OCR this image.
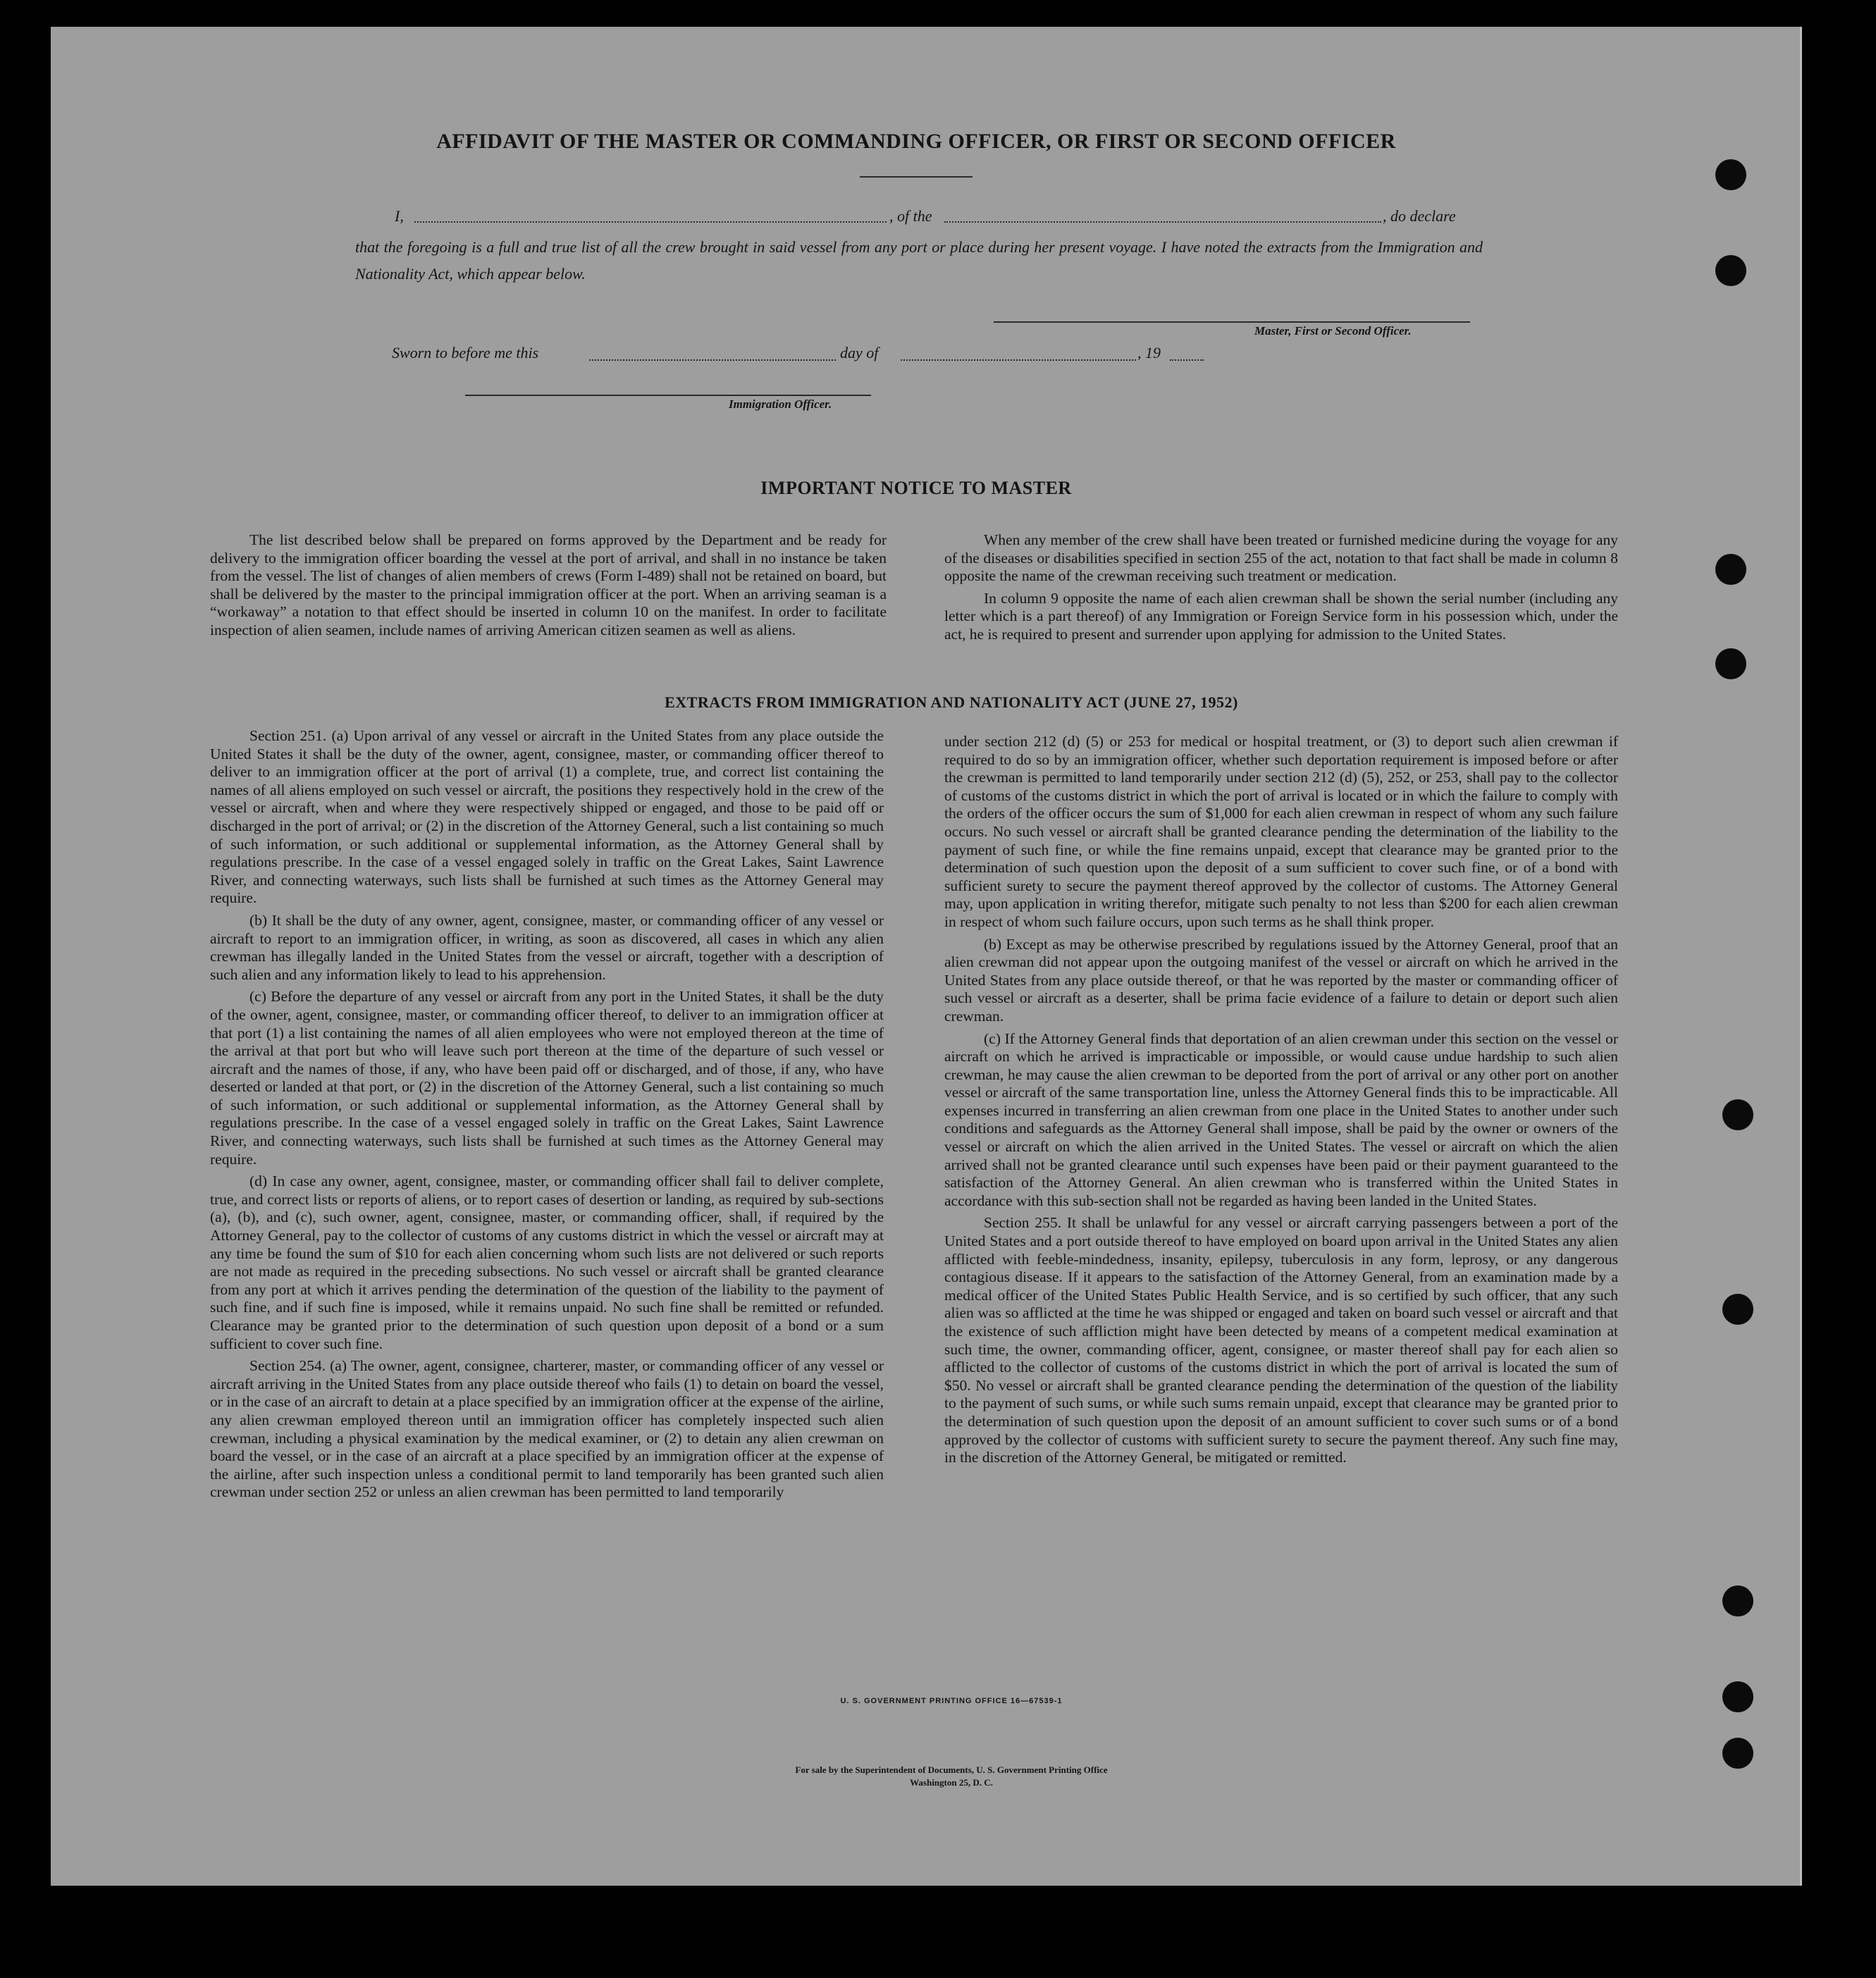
AFFIDAVIT OF THE MASTER OR COMMANDING OFFICER, OR FIRST OR SECOND OFFICER
I,	, of the	, do declare
that the foregoing is a full and true list of all the crew brought in said vessel from any port or place during her present voyage. I have noted the extracts from the Immigration and Nationality Act, which appear below.
Master, First or Second Officer.
Sworn to before me this	day of	, 19
Immigration Officer.
IMPORTANT NOTICE TO MASTER

The list described below shall be prepared on forms approved by the Department and be ready for delivery to the immigration officer boarding the vessel at the port of arrival, and shall in no instance be taken from the vessel. The list of changes of alien members of crews (Form I-489) shall not be retained on board, but shall be delivered by the master to the principal immigration officer at the port. When an arriving seaman is a “workaway” a notation to that effect should be inserted in column 10 on the manifest. In order to facilitate inspection of alien seamen, include names of arriving American citizen seamen as well as aliens.

When any member of the crew shall have been treated or furnished medicine during the voyage for any of the diseases or disabilities specified in section 255 of the act, notation to that fact shall be made in column 8 opposite the name of the crewman receiving such treatment or medication.

In column 9 opposite the name of each alien crewman shall be shown the serial number (including any letter which is a part thereof) of any Immigration or Foreign Service form in his possession which, under the act, he is required to present and surrender upon applying for admission to the United States.

EXTRACTS FROM IMMIGRATION AND NATIONALITY ACT (JUNE 27, 1952)

Section 251. (a) Upon arrival of any vessel or aircraft in the United States from any place outside the United States it shall be the duty of the owner, agent, consignee, master, or commanding officer thereof to deliver to an immigration officer at the port of arrival (1) a complete, true, and correct list containing the names of all aliens employed on such vessel or aircraft, the positions they respectively hold in the crew of the vessel or aircraft, when and where they were respectively shipped or engaged, and those to be paid off or discharged in the port of arrival; or (2) in the discretion of the Attorney General, such a list containing so much of such information, or such additional or supplemental information, as the Attorney General shall by regulations prescribe. In the case of a vessel engaged solely in traffic on the Great Lakes, Saint Lawrence River, and connecting waterways, such lists shall be furnished at such times as the Attorney General may require.

(b) It shall be the duty of any owner, agent, consignee, master, or commanding officer of any vessel or aircraft to report to an immigration officer, in writing, as soon as discovered, all cases in which any alien crewman has illegally landed in the United States from the vessel or aircraft, together with a description of such alien and any information likely to lead to his apprehension.

(c) Before the departure of any vessel or aircraft from any port in the United States, it shall be the duty of the owner, agent, consignee, master, or commanding officer thereof, to deliver to an immigration officer at that port (1) a list containing the names of all alien employees who were not employed thereon at the time of the arrival at that port but who will leave such port thereon at the time of the departure of such vessel or aircraft and the names of those, if any, who have been paid off or discharged, and of those, if any, who have deserted or landed at that port, or (2) in the discretion of the Attorney General, such a list containing so much of such information, or such additional or supplemental information, as the Attorney General shall by regulations prescribe. In the case of a vessel engaged solely in traffic on the Great Lakes, Saint Lawrence River, and connecting waterways, such lists shall be furnished at such times as the Attorney General may require.

(d) In case any owner, agent, consignee, master, or commanding officer shall fail to deliver complete, true, and correct lists or reports of aliens, or to report cases of desertion or landing, as required by sub-sections (a), (b), and (c), such owner, agent, consignee, master, or commanding officer, shall, if required by the Attorney General, pay to the collector of customs of any customs district in which the vessel or aircraft may at any time be found the sum of $10 for each alien concerning whom such lists are not delivered or such reports are not made as required in the preceding subsections. No such vessel or aircraft shall be granted clearance from any port at which it arrives pending the determination of the question of the liability to the payment of such fine, and if such fine is imposed, while it remains unpaid. No such fine shall be remitted or refunded. Clearance may be granted prior to the determination of such question upon deposit of a bond or a sum sufficient to cover such fine.

Section 254. (a) The owner, agent, consignee, charterer, master, or commanding officer of any vessel or aircraft arriving in the United States from any place outside thereof who fails (1) to detain on board the vessel, or in the case of an aircraft to detain at a place specified by an immigration officer at the expense of the airline, any alien crewman employed thereon until an immigration officer has completely inspected such alien crewman, including a physical examination by the medical examiner, or (2) to detain any alien crewman on board the vessel, or in the case of an aircraft at a place specified by an immigration officer at the expense of the airline, after such inspection unless a conditional permit to land temporarily has been granted such alien crewman under section 252 or unless an alien crewman has been permitted to land temporarily

under section 212 (d) (5) or 253 for medical or hospital treatment, or (3) to deport such alien crewman if required to do so by an immigration officer, whether such deportation requirement is imposed before or after the crewman is permitted to land temporarily under section 212 (d) (5), 252, or 253, shall pay to the collector of customs of the customs district in which the port of arrival is located or in which the failure to comply with the orders of the officer occurs the sum of $1,000 for each alien crewman in respect of whom any such failure occurs. No such vessel or aircraft shall be granted clearance pending the determination of the liability to the payment of such fine, or while the fine remains unpaid, except that clearance may be granted prior to the determination of such question upon the deposit of a sum sufficient to cover such fine, or of a bond with sufficient surety to secure the payment thereof approved by the collector of customs. The Attorney General may, upon application in writing therefor, mitigate such penalty to not less than $200 for each alien crewman in respect of whom such failure occurs, upon such terms as he shall think proper.

(b) Except as may be otherwise prescribed by regulations issued by the Attorney General, proof that an alien crewman did not appear upon the outgoing manifest of the vessel or aircraft on which he arrived in the United States from any place outside thereof, or that he was reported by the master or commanding officer of such vessel or aircraft as a deserter, shall be prima facie evidence of a failure to detain or deport such alien crewman.

(c) If the Attorney General finds that deportation of an alien crewman under this section on the vessel or aircraft on which he arrived is impracticable or impossible, or would cause undue hardship to such alien crewman, he may cause the alien crewman to be deported from the port of arrival or any other port on another vessel or aircraft of the same transportation line, unless the Attorney General finds this to be impracticable. All expenses incurred in transferring an alien crewman from one place in the United States to another under such conditions and safeguards as the Attorney General shall impose, shall be paid by the owner or owners of the vessel or aircraft on which the alien arrived in the United States. The vessel or aircraft on which the alien arrived shall not be granted clearance until such expenses have been paid or their payment guaranteed to the satisfaction of the Attorney General. An alien crewman who is transferred within the United States in accordance with this sub-section shall not be regarded as having been landed in the United States.

Section 255. It shall be unlawful for any vessel or aircraft carrying passengers between a port of the United States and a port outside thereof to have employed on board upon arrival in the United States any alien afflicted with feeble-mindedness, insanity, epilepsy, tuberculosis in any form, leprosy, or any dangerous contagious disease. If it appears to the satisfaction of the Attorney General, from an examination made by a medical officer of the United States Public Health Service, and is so certified by such officer, that any such alien was so afflicted at the time he was shipped or engaged and taken on board such vessel or aircraft and that the existence of such affliction might have been detected by means of a competent medical examination at such time, the owner, commanding officer, agent, consignee, or master thereof shall pay for each alien so afflicted to the collector of customs of the customs district in which the port of arrival is located the sum of $50. No vessel or aircraft shall be granted clearance pending the determination of the question of the liability to the payment of such sums, or while such sums remain unpaid, except that clearance may be granted prior to the determination of such question upon the deposit of an amount sufficient to cover such sums or of a bond approved by the collector of customs with sufficient surety to secure the payment thereof. Any such fine may, in the discretion of the Attorney General, be mitigated or remitted.

U. S. GOVERNMENT PRINTING OFFICE 16—67539-1
For sale by the Superintendent of Documents, U. S. Government Printing Office
Washington 25, D. C.
